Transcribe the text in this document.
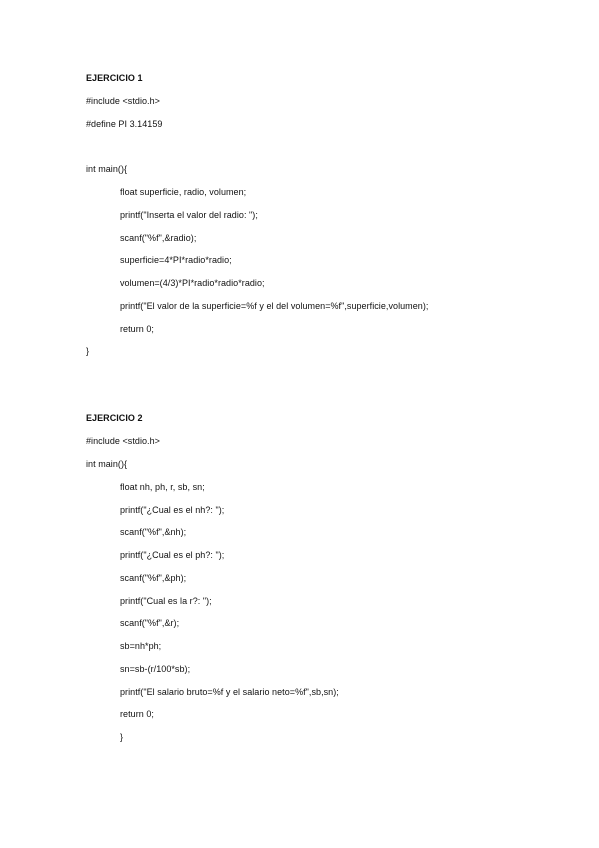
EJERCICIO 1
#include <stdio.h>
#define PI 3.14159
int main(){
float superficie, radio, volumen;
printf("Inserta el valor del radio: ");
scanf("%f",&radio);
superficie=4*PI*radio*radio;
volumen=(4/3)*PI*radio*radio*radio;
printf("El valor de la superficie=%f y el del volumen=%f",superficie,volumen);
return 0;
}
EJERCICIO 2
#include <stdio.h>
int main(){
float nh, ph, r, sb, sn;
printf("¿Cual es el nh?: ");
scanf("%f",&nh);
printf("¿Cual es el ph?: ");
scanf("%f",&ph);
printf("Cual es la r?: ");
scanf("%f",&r);
sb=nh*ph;
sn=sb-(r/100*sb);
printf("El salario bruto=%f y el salario neto=%f",sb,sn);
return 0;
}
